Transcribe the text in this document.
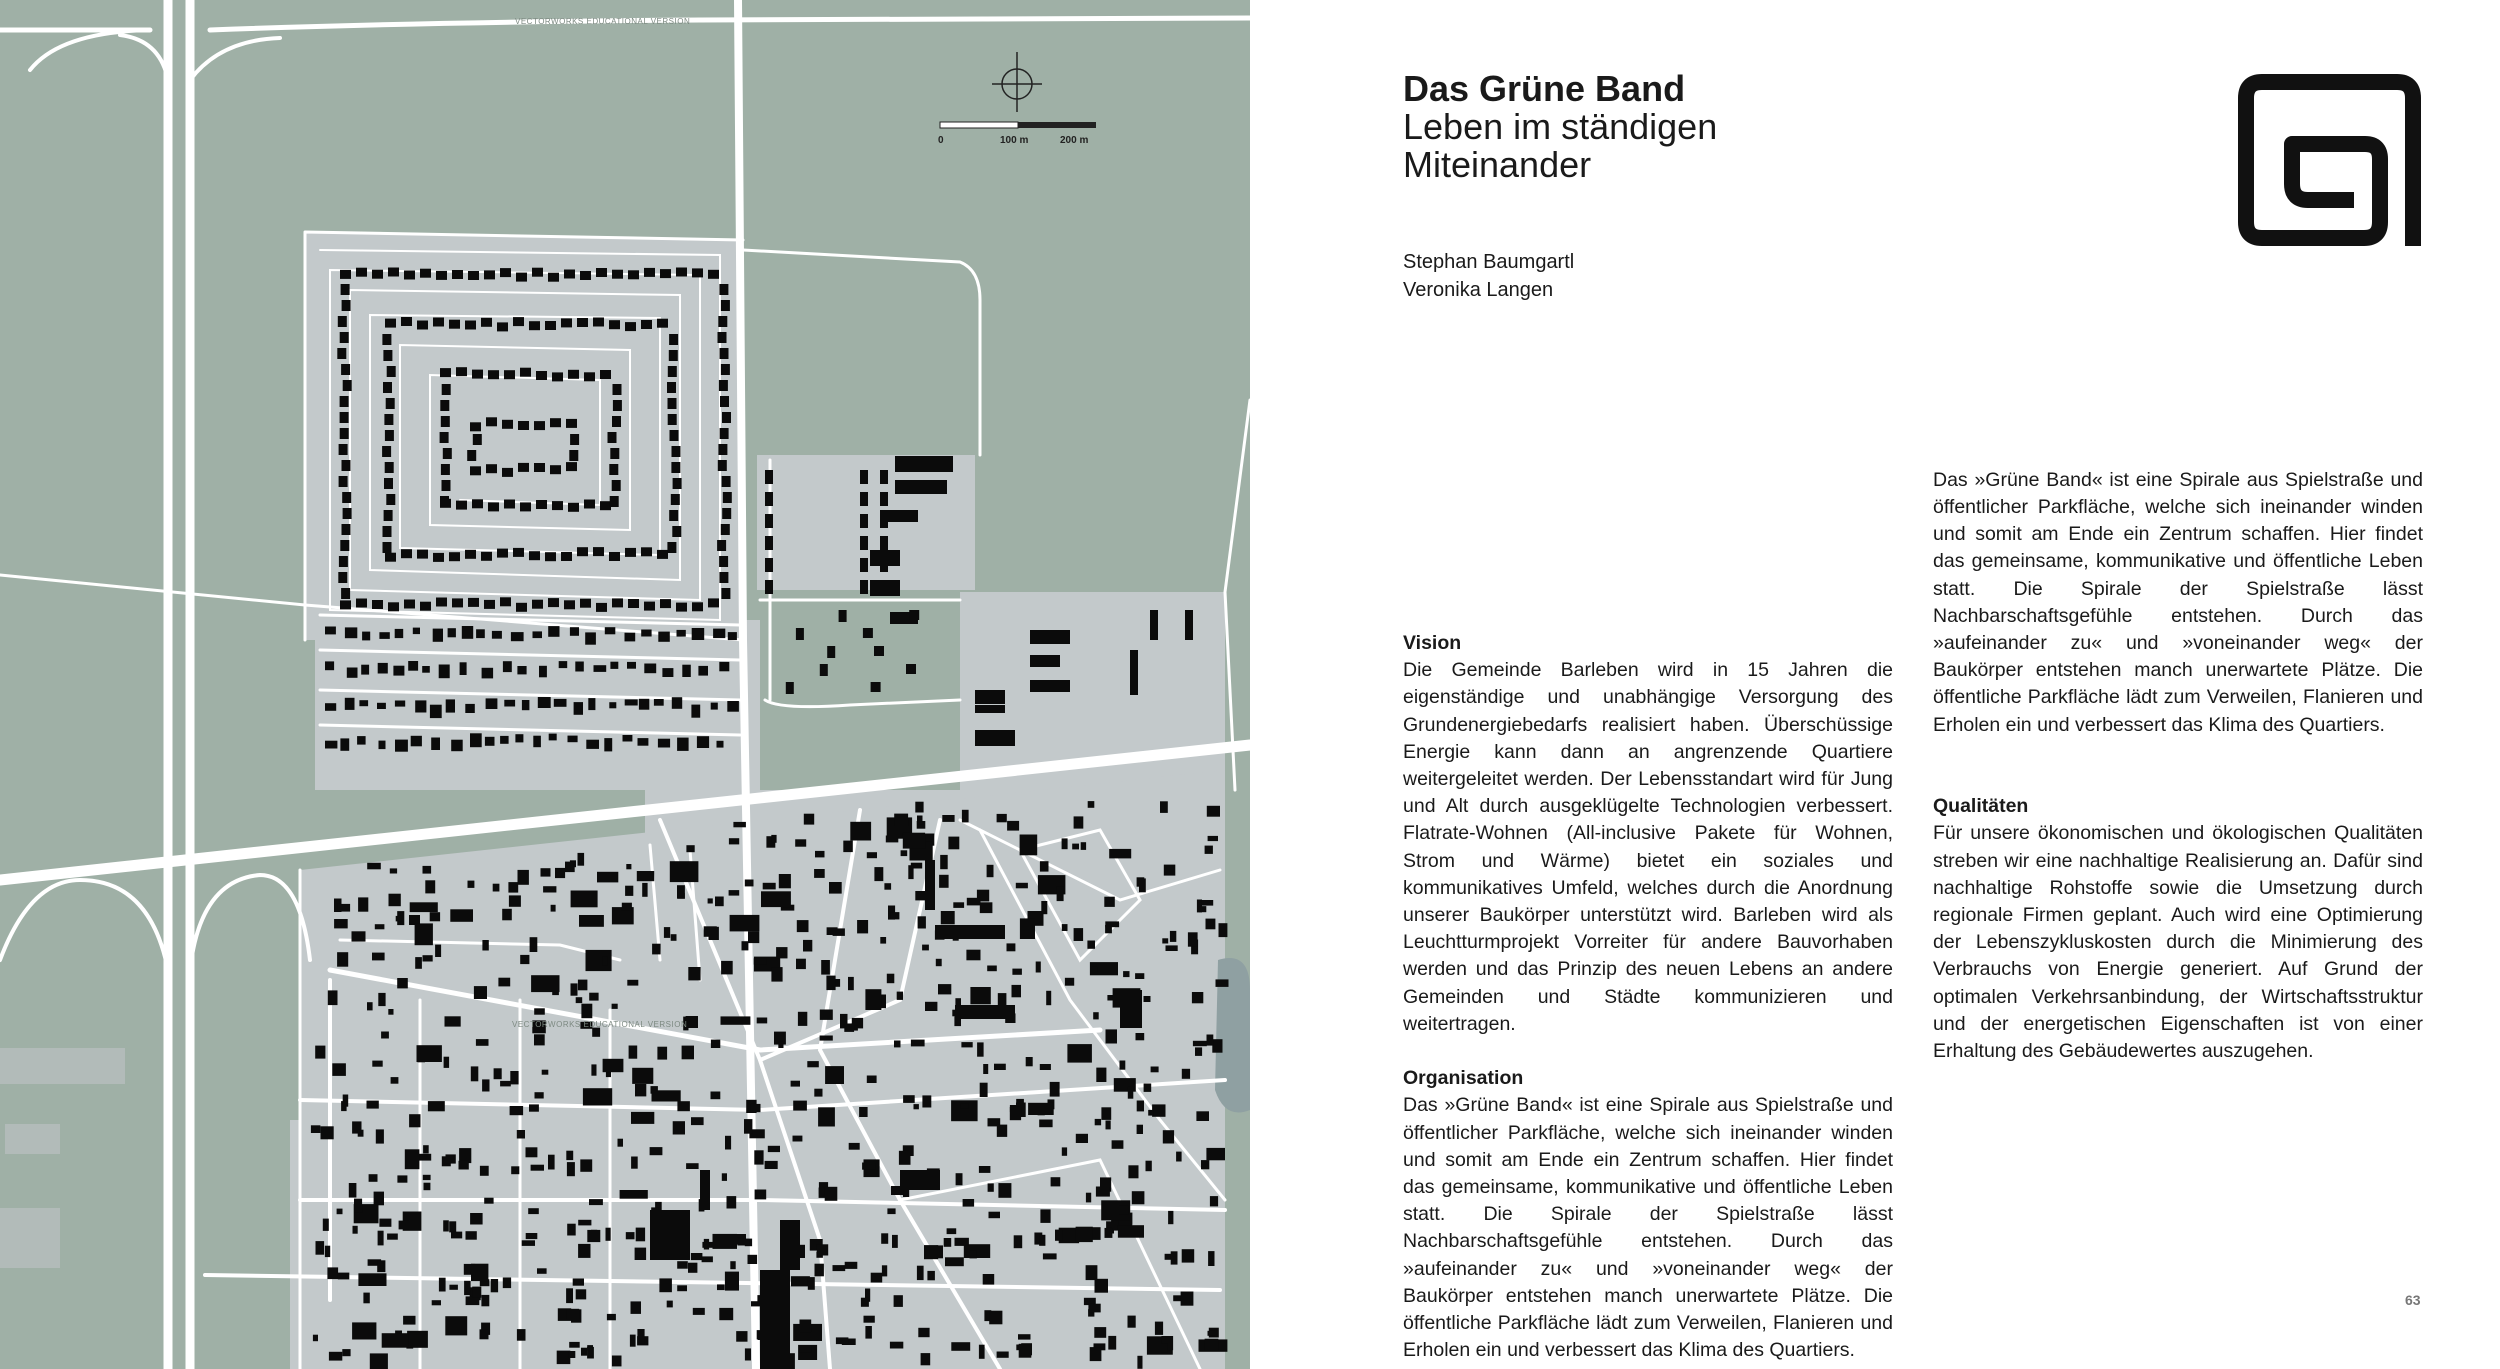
VECTORWORKS EDUCATIONAL VERSION
VECTORWORKS EDUCATIONAL VERSION
0	100 m	200 m
Das Grüne Band
Leben im ständigen
Miteinander
Stephan Baumgartl
Veronika Langen
Vision

Die Gemeinde Barleben wird in 15 Jahren die eigenständige und unabhängige Versorgung des Grundenergiebedarfs realisiert haben. Überschüssige Energie kann dann an angrenzende Quartiere weitergeleitet werden. Der Lebensstandart wird für Jung und Alt durch ausgeklügelte Technologien verbessert. Flatrate-Wohnen (All-inclusive Pakete für Wohnen, Strom und Wärme) bietet ein soziales und kommunikatives Umfeld, welches durch die Anordnung unserer Baukörper unterstützt wird. Barleben wird als Leuchtturmprojekt Vorreiter für andere Bauvorhaben werden und das Prinzip des neuen Lebens an andere Gemeinden und Städte kommunizieren und weitertragen.

Organisation

Das »Grüne Band« ist eine Spirale aus Spielstraße und öffentlicher Parkfläche, welche sich ineinander winden und somit am Ende ein Zentrum schaffen. Hier findet das gemeinsame, kommunikative und öffentliche Leben statt. Die Spirale der Spielstraße lässt Nachbarschaftsgefühle entstehen. Durch das »aufeinander zu« und »voneinander weg« der Baukörper entstehen manch unerwartete Plätze. Die öffentliche Parkfläche lädt zum Verweilen, Flanieren und Erholen ein und verbessert das Klima des Quartiers.

Das »Grüne Band« ist eine Spirale aus Spielstraße und öffentlicher Parkfläche, welche sich ineinander winden und somit am Ende ein Zentrum schaffen. Hier findet das gemeinsame, kommunikative und öffentliche Leben statt. Die Spirale der Spielstraße lässt Nachbarschaftsgefühle entstehen. Durch das »aufeinander zu« und »voneinander weg« der Baukörper entstehen manch unerwartete Plätze. Die öffentliche Parkfläche lädt zum Verweilen, Flanieren und Erholen ein und verbessert das Klima des Quartiers.

Qualitäten

Für unsere ökonomischen und ökologischen Qualitäten streben wir eine nachhaltige Realisierung an. Dafür sind nachhaltige Rohstoffe sowie die Umsetzung durch regionale Firmen geplant. Auch wird eine Optimierung der Lebenszykluskosten durch die Minimierung des Verbrauchs von Energie generiert. Auf Grund der optimalen Verkehrsanbindung, der Wirtschaftsstruktur und der energetischen Eigenschaften ist von einer Erhaltung des Gebäudewertes auszugehen.

63
